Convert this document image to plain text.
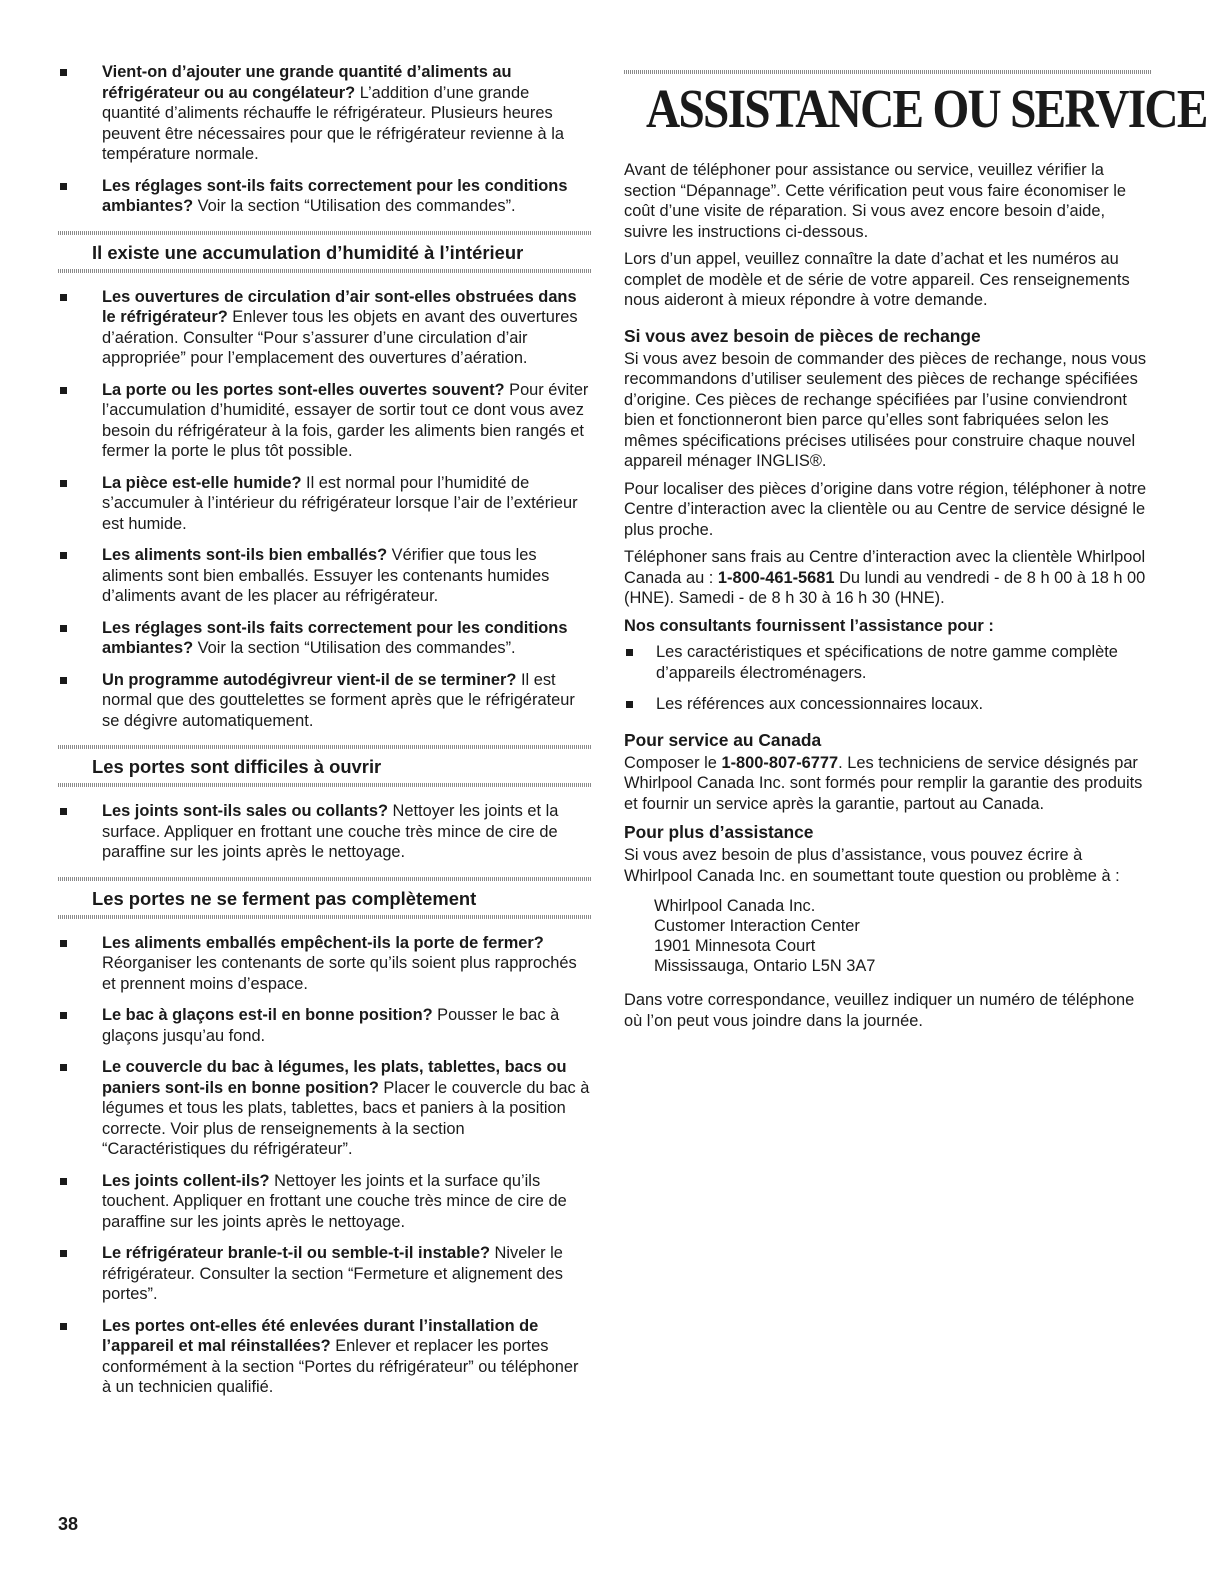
Vient-on d’ajouter une grande quantité d’aliments au réfrigérateur ou au congélateur? L’addition d’une grande quantité d’aliments réchauffe le réfrigérateur. Plusieurs heures peuvent être nécessaires pour que le réfrigérateur revienne à la température normale.
Les réglages sont-ils faits correctement pour les conditions ambiantes? Voir la section “Utilisation des commandes”.
Il existe une accumulation d’humidité à l’intérieur
Les ouvertures de circulation d’air sont-elles obstruées dans le réfrigérateur? Enlever tous les objets en avant des ouvertures d’aération. Consulter “Pour s’assurer d’une circulation d’air appropriée” pour l’emplacement des ouvertures d’aération.
La porte ou les portes sont-elles ouvertes souvent? Pour éviter l’accumulation d’humidité, essayer de sortir tout ce dont vous avez besoin du réfrigérateur à la fois, garder les aliments bien rangés et fermer la porte le plus tôt possible.
La pièce est-elle humide? Il est normal pour l’humidité de s’accumuler à l’intérieur du réfrigérateur lorsque l’air de l’extérieur est humide.
Les aliments sont-ils bien emballés? Vérifier que tous les aliments sont bien emballés. Essuyer les contenants humides d’aliments avant de les placer au réfrigérateur.
Les réglages sont-ils faits correctement pour les conditions ambiantes? Voir la section “Utilisation des commandes”.
Un programme autodégivreur vient-il de se terminer? Il est normal que des gouttelettes se forment après que le réfrigérateur se dégivre automatiquement.
Les portes sont difficiles à ouvrir
Les joints sont-ils sales ou collants? Nettoyer les joints et la surface. Appliquer en frottant une couche très mince de cire de paraffine sur les joints après le nettoyage.
Les portes ne se ferment pas complètement
Les aliments emballés empêchent-ils la porte de fermer? Réorganiser les contenants de sorte qu’ils soient plus rapprochés et prennent moins d’espace.
Le bac à glaçons est-il en bonne position? Pousser le bac à glaçons jusqu’au fond.
Le couvercle du bac à légumes, les plats, tablettes, bacs ou paniers sont-ils en bonne position? Placer le couvercle du bac à légumes et tous les plats, tablettes, bacs et paniers à la position correcte. Voir plus de renseignements à la section “Caractéristiques du réfrigérateur”.
Les joints collent-ils? Nettoyer les joints et la surface qu’ils touchent. Appliquer en frottant une couche très mince de cire de paraffine sur les joints après le nettoyage.
Le réfrigérateur branle-t-il ou semble-t-il instable? Niveler le réfrigérateur. Consulter la section “Fermeture et alignement des portes”.
Les portes ont-elles été enlevées durant l’installation de l’appareil et mal réinstallées? Enlever et replacer les portes conformément à la section “Portes du réfrigérateur” ou téléphoner à un technicien qualifié.
ASSISTANCE OU SERVICE
Avant de téléphoner pour assistance ou service, veuillez vérifier la section “Dépannage”. Cette vérification peut vous faire économiser le coût d’une visite de réparation. Si vous avez encore besoin d’aide, suivre les instructions ci-dessous.
Lors d’un appel, veuillez connaître la date d’achat et les numéros au complet de modèle et de série de votre appareil. Ces renseignements nous aideront à mieux répondre à votre demande.
Si vous avez besoin de pièces de rechange
Si vous avez besoin de commander des pièces de rechange, nous vous recommandons d’utiliser seulement des pièces de rechange spécifiées d’origine. Ces pièces de rechange spécifiées par l’usine conviendront bien et fonctionneront bien parce qu’elles sont fabriquées selon les mêmes spécifications précises utilisées pour construire chaque nouvel appareil ménager INGLIS®.
Pour localiser des pièces d’origine dans votre région, téléphoner à notre Centre d’interaction avec la clientèle ou au Centre de service désigné le plus proche.
Téléphoner sans frais au Centre d’interaction avec la clientèle Whirlpool Canada au : 1-800-461-5681 Du lundi au vendredi - de 8 h 00 à 18 h 00 (HNE). Samedi - de 8 h 30 à 16 h 30 (HNE).
Nos consultants fournissent l’assistance pour :
Les caractéristiques et spécifications de notre gamme complète d’appareils électroménagers.
Les références aux concessionnaires locaux.
Pour service au Canada
Composer le 1-800-807-6777. Les techniciens de service désignés par Whirlpool Canada Inc. sont formés pour remplir la garantie des produits et fournir un service après la garantie, partout au Canada.
Pour plus d’assistance
Si vous avez besoin de plus d’assistance, vous pouvez écrire à Whirlpool Canada Inc. en soumettant toute question ou problème à :
Whirlpool Canada Inc.
Customer Interaction Center
1901 Minnesota Court
Mississauga, Ontario L5N 3A7
Dans votre correspondance, veuillez indiquer un numéro de téléphone où l’on peut vous joindre dans la journée.
38
